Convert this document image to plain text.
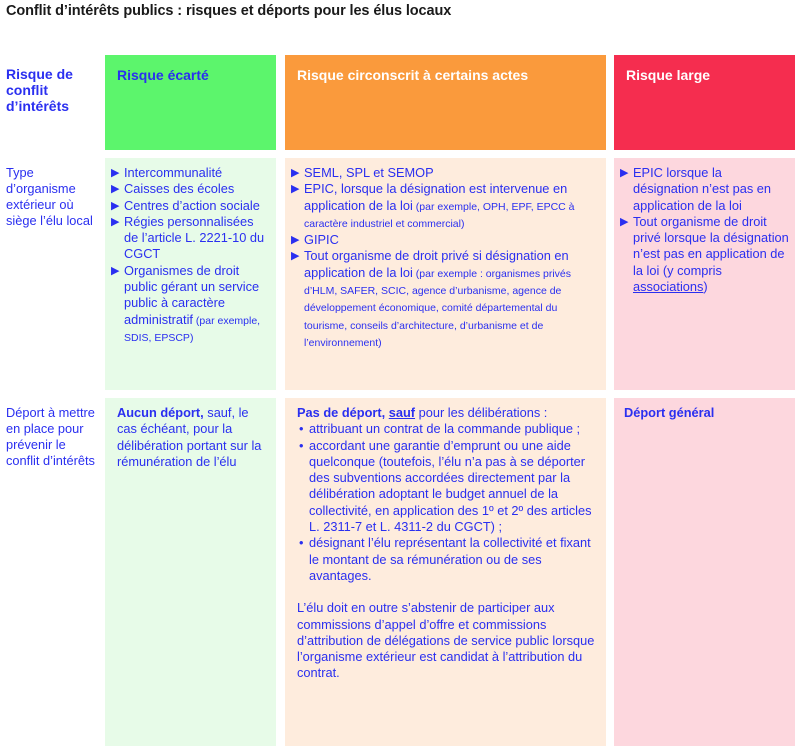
Conflit d’intérêts publics : risques et déports pour les élus locaux
Risque de conflit d’intérêts
Risque écarté	Risque circonscrit à certains actes	Risque large
Type d’organisme extérieur où siège l’élu local
▶ Intercommunalité
▶ Caisses des écoles
▶ Centres d’action sociale
▶ Régies personnalisées de l’article L. 2221-10 du CGCT
▶ Organismes de droit public gérant un service public à caractère administratif (par exemple, SDIS, EPSCP)
▶ SEML, SPL et SEMOP
▶ EPIC, lorsque la désignation est intervenue en application de la loi (par exemple, OPH, EPF, EPCC à caractère industriel et commercial)
▶ GIPIC
▶ Tout organisme de droit privé si désignation en application de la loi (par exemple : organismes privés d’HLM, SAFER, SCIC, agence d’urbanisme, agence de développement économique, comité départemental du tourisme, conseils d’architecture, d’urbanisme et de l’environnement)
▶ EPIC lorsque la désignation n’est pas en application de la loi
▶ Tout organisme de droit privé lorsque la désignation n’est pas en application de la loi (y compris associations)
Déport à mettre en place pour prévenir le conflit d’intérêts
Aucun déport, sauf, le cas échéant, pour la délibération portant sur la rémunération de l’élu
Pas de déport, sauf pour les délibérations :
• attribuant un contrat de la commande publique ;
• accordant une garantie d’emprunt ou une aide quelconque (toutefois, l’élu n’a pas à se déporter des subventions accordées directement par la délibération adoptant le budget annuel de la collectivité, en application des 1º et 2º des articles L. 2311-7 et L. 4311-2 du CGCT) ;
• désignant l’élu représentant la collectivité et fixant le montant de sa rémunération ou de ses avantages.
L’élu doit en outre s’abstenir de participer aux commissions d’appel d’offre et commissions d’attribution de délégations de service public lorsque l’organisme extérieur est candidat à l’attribution du contrat.
Déport général
